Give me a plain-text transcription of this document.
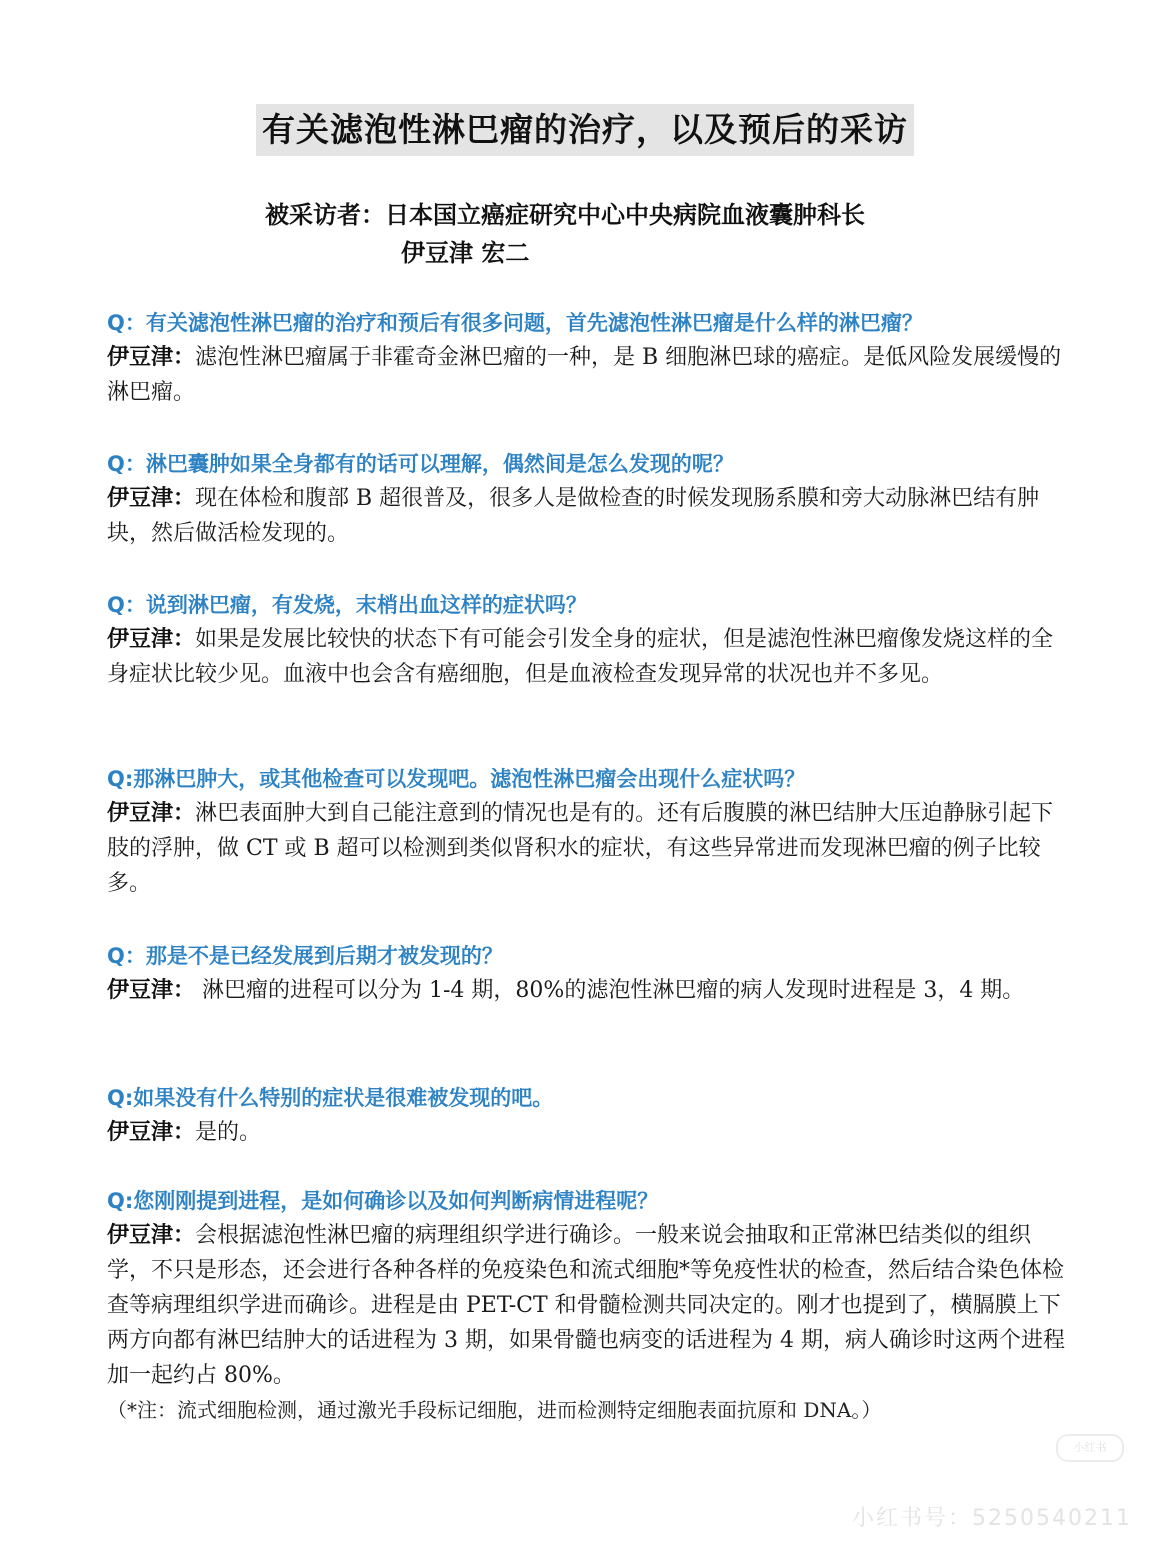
有关滤泡性淋巴瘤的治疗，以及预后的采访
被采访者：日本国立癌症研究中心中央病院血液囊肿科长
伊豆津 宏二
Q：有关滤泡性淋巴瘤的治疗和预后有很多问题，首先滤泡性淋巴瘤是什么样的淋巴瘤？
伊豆津：滤泡性淋巴瘤属于非霍奇金淋巴瘤的一种，是 B 细胞淋巴球的癌症。是低风险发展缓慢的淋巴瘤。
Q：淋巴囊肿如果全身都有的话可以理解，偶然间是怎么发现的呢？
伊豆津：现在体检和腹部 B 超很普及，很多人是做检查的时候发现肠系膜和旁大动脉淋巴结有肿块，然后做活检发现的。
Q：说到淋巴瘤，有发烧，末梢出血这样的症状吗？
伊豆津：如果是发展比较快的状态下有可能会引发全身的症状，但是滤泡性淋巴瘤像发烧这样的全身症状比较少见。血液中也会含有癌细胞，但是血液检查发现异常的状况也并不多见。
Q:那淋巴肿大，或其他检查可以发现吧。滤泡性淋巴瘤会出现什么症状吗？
伊豆津：淋巴表面肿大到自己能注意到的情况也是有的。还有后腹膜的淋巴结肿大压迫静脉引起下肢的浮肿，做 CT 或 B 超可以检测到类似肾积水的症状，有这些异常进而发现淋巴瘤的例子比较多。
Q：那是不是已经发展到后期才被发现的？
伊豆津： 淋巴瘤的进程可以分为 1-4 期，80%的滤泡性淋巴瘤的病人发现时进程是 3，4 期。
Q:如果没有什么特别的症状是很难被发现的吧。
伊豆津：是的。
Q:您刚刚提到进程，是如何确诊以及如何判断病情进程呢？
伊豆津：会根据滤泡性淋巴瘤的病理组织学进行确诊。一般来说会抽取和正常淋巴结类似的组织学，不只是形态，还会进行各种各样的免疫染色和流式细胞*等免疫性状的检查，然后结合染色体检查等病理组织学进而确诊。进程是由 PET-CT 和骨髓检测共同决定的。刚才也提到了，横膈膜上下两方向都有淋巴结肿大的话进程为 3 期，如果骨髓也病变的话进程为 4 期，病人确诊时这两个进程加一起约占 80%。
（*注：流式细胞检测，通过激光手段标记细胞，进而检测特定细胞表面抗原和 DNA。）
小红书
小红书号：5250540211
